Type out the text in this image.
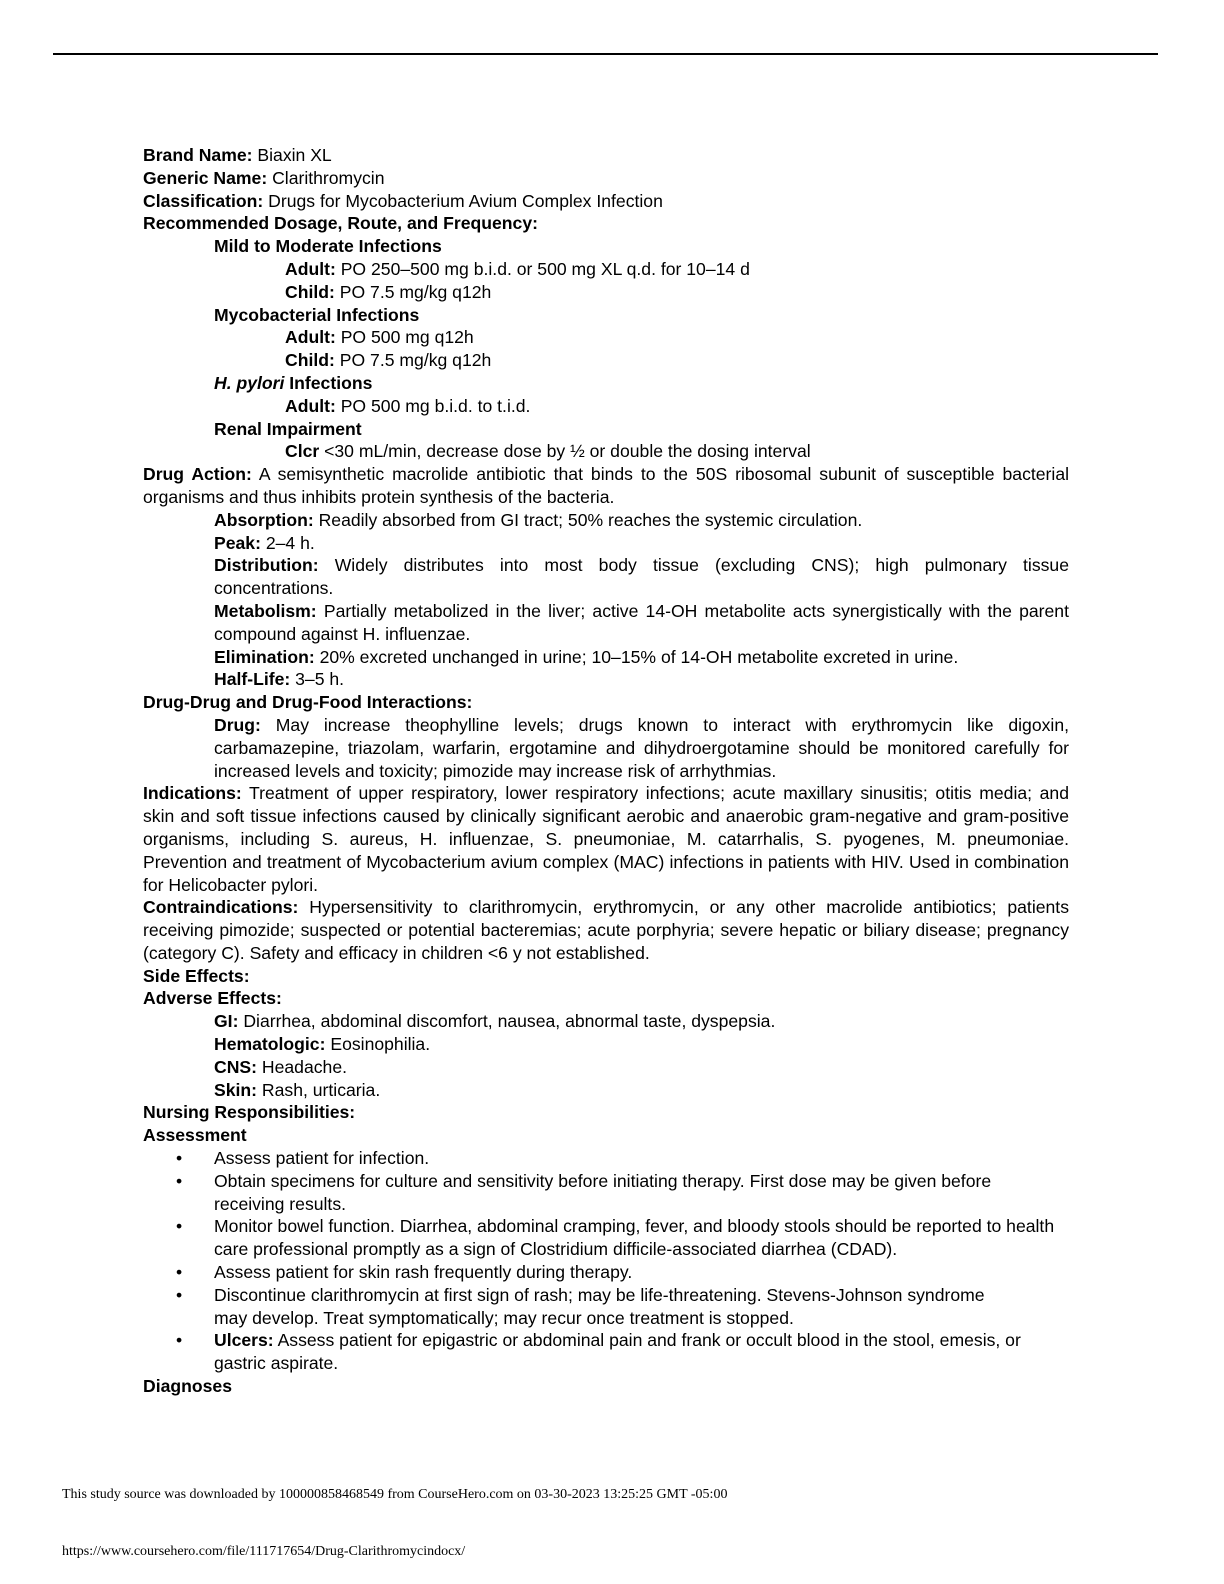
Brand Name: Biaxin XL
Generic Name: Clarithromycin
Classification: Drugs for Mycobacterium Avium Complex Infection
Recommended Dosage, Route, and Frequency:
Mild to Moderate Infections
Adult: PO 250–500 mg b.i.d. or 500 mg XL q.d. for 10–14 d
Child: PO 7.5 mg/kg q12h
Mycobacterial Infections
Adult: PO 500 mg q12h
Child: PO 7.5 mg/kg q12h
H. pylori Infections
Adult: PO 500 mg b.i.d. to t.i.d.
Renal Impairment
Clcr <30 mL/min, decrease dose by ½ or double the dosing interval
Drug Action: A semisynthetic macrolide antibiotic that binds to the 50S ribosomal subunit of susceptible bacterial organisms and thus inhibits protein synthesis of the bacteria.
Absorption: Readily absorbed from GI tract; 50% reaches the systemic circulation.
Peak: 2–4 h.
Distribution: Widely distributes into most body tissue (excluding CNS); high pulmonary tissue concentrations.
Metabolism: Partially metabolized in the liver; active 14-OH metabolite acts synergistically with the parent compound against H. influenzae.
Elimination: 20% excreted unchanged in urine; 10–15% of 14-OH metabolite excreted in urine.
Half-Life: 3–5 h.
Drug-Drug and Drug-Food Interactions:
Drug: May increase theophylline levels; drugs known to interact with erythromycin like digoxin, carbamazepine, triazolam, warfarin, ergotamine and dihydroergotamine should be monitored carefully for increased levels and toxicity; pimozide may increase risk of arrhythmias.
Indications: Treatment of upper respiratory, lower respiratory infections; acute maxillary sinusitis; otitis media; and skin and soft tissue infections caused by clinically significant aerobic and anaerobic gram-negative and gram-positive organisms, including S. aureus, H. influenzae, S. pneumoniae, M. catarrhalis, S. pyogenes, M. pneumoniae. Prevention and treatment of Mycobacterium avium complex (MAC) infections in patients with HIV. Used in combination for Helicobacter pylori.
Contraindications: Hypersensitivity to clarithromycin, erythromycin, or any other macrolide antibiotics; patients receiving pimozide; suspected or potential bacteremias; acute porphyria; severe hepatic or biliary disease; pregnancy (category C). Safety and efficacy in children <6 y not established.
Side Effects:
Adverse Effects:
GI: Diarrhea, abdominal discomfort, nausea, abnormal taste, dyspepsia.
Hematologic: Eosinophilia.
CNS: Headache.
Skin: Rash, urticaria.
Nursing Responsibilities:
Assessment
• Assess patient for infection.
• Obtain specimens for culture and sensitivity before initiating therapy. First dose may be given before receiving results.
• Monitor bowel function. Diarrhea, abdominal cramping, fever, and bloody stools should be reported to health care professional promptly as a sign of Clostridium difficile-associated diarrhea (CDAD).
• Assess patient for skin rash frequently during therapy.
• Discontinue clarithromycin at first sign of rash; may be life-threatening. Stevens-Johnson syndrome may develop. Treat symptomatically; may recur once treatment is stopped.
• Ulcers: Assess patient for epigastric or abdominal pain and frank or occult blood in the stool, emesis, or gastric aspirate.
Diagnoses
This study source was downloaded by 100000858468549 from CourseHero.com on 03-30-2023 13:25:25 GMT -05:00
https://www.coursehero.com/file/111717654/Drug-Clarithromycindocx/
